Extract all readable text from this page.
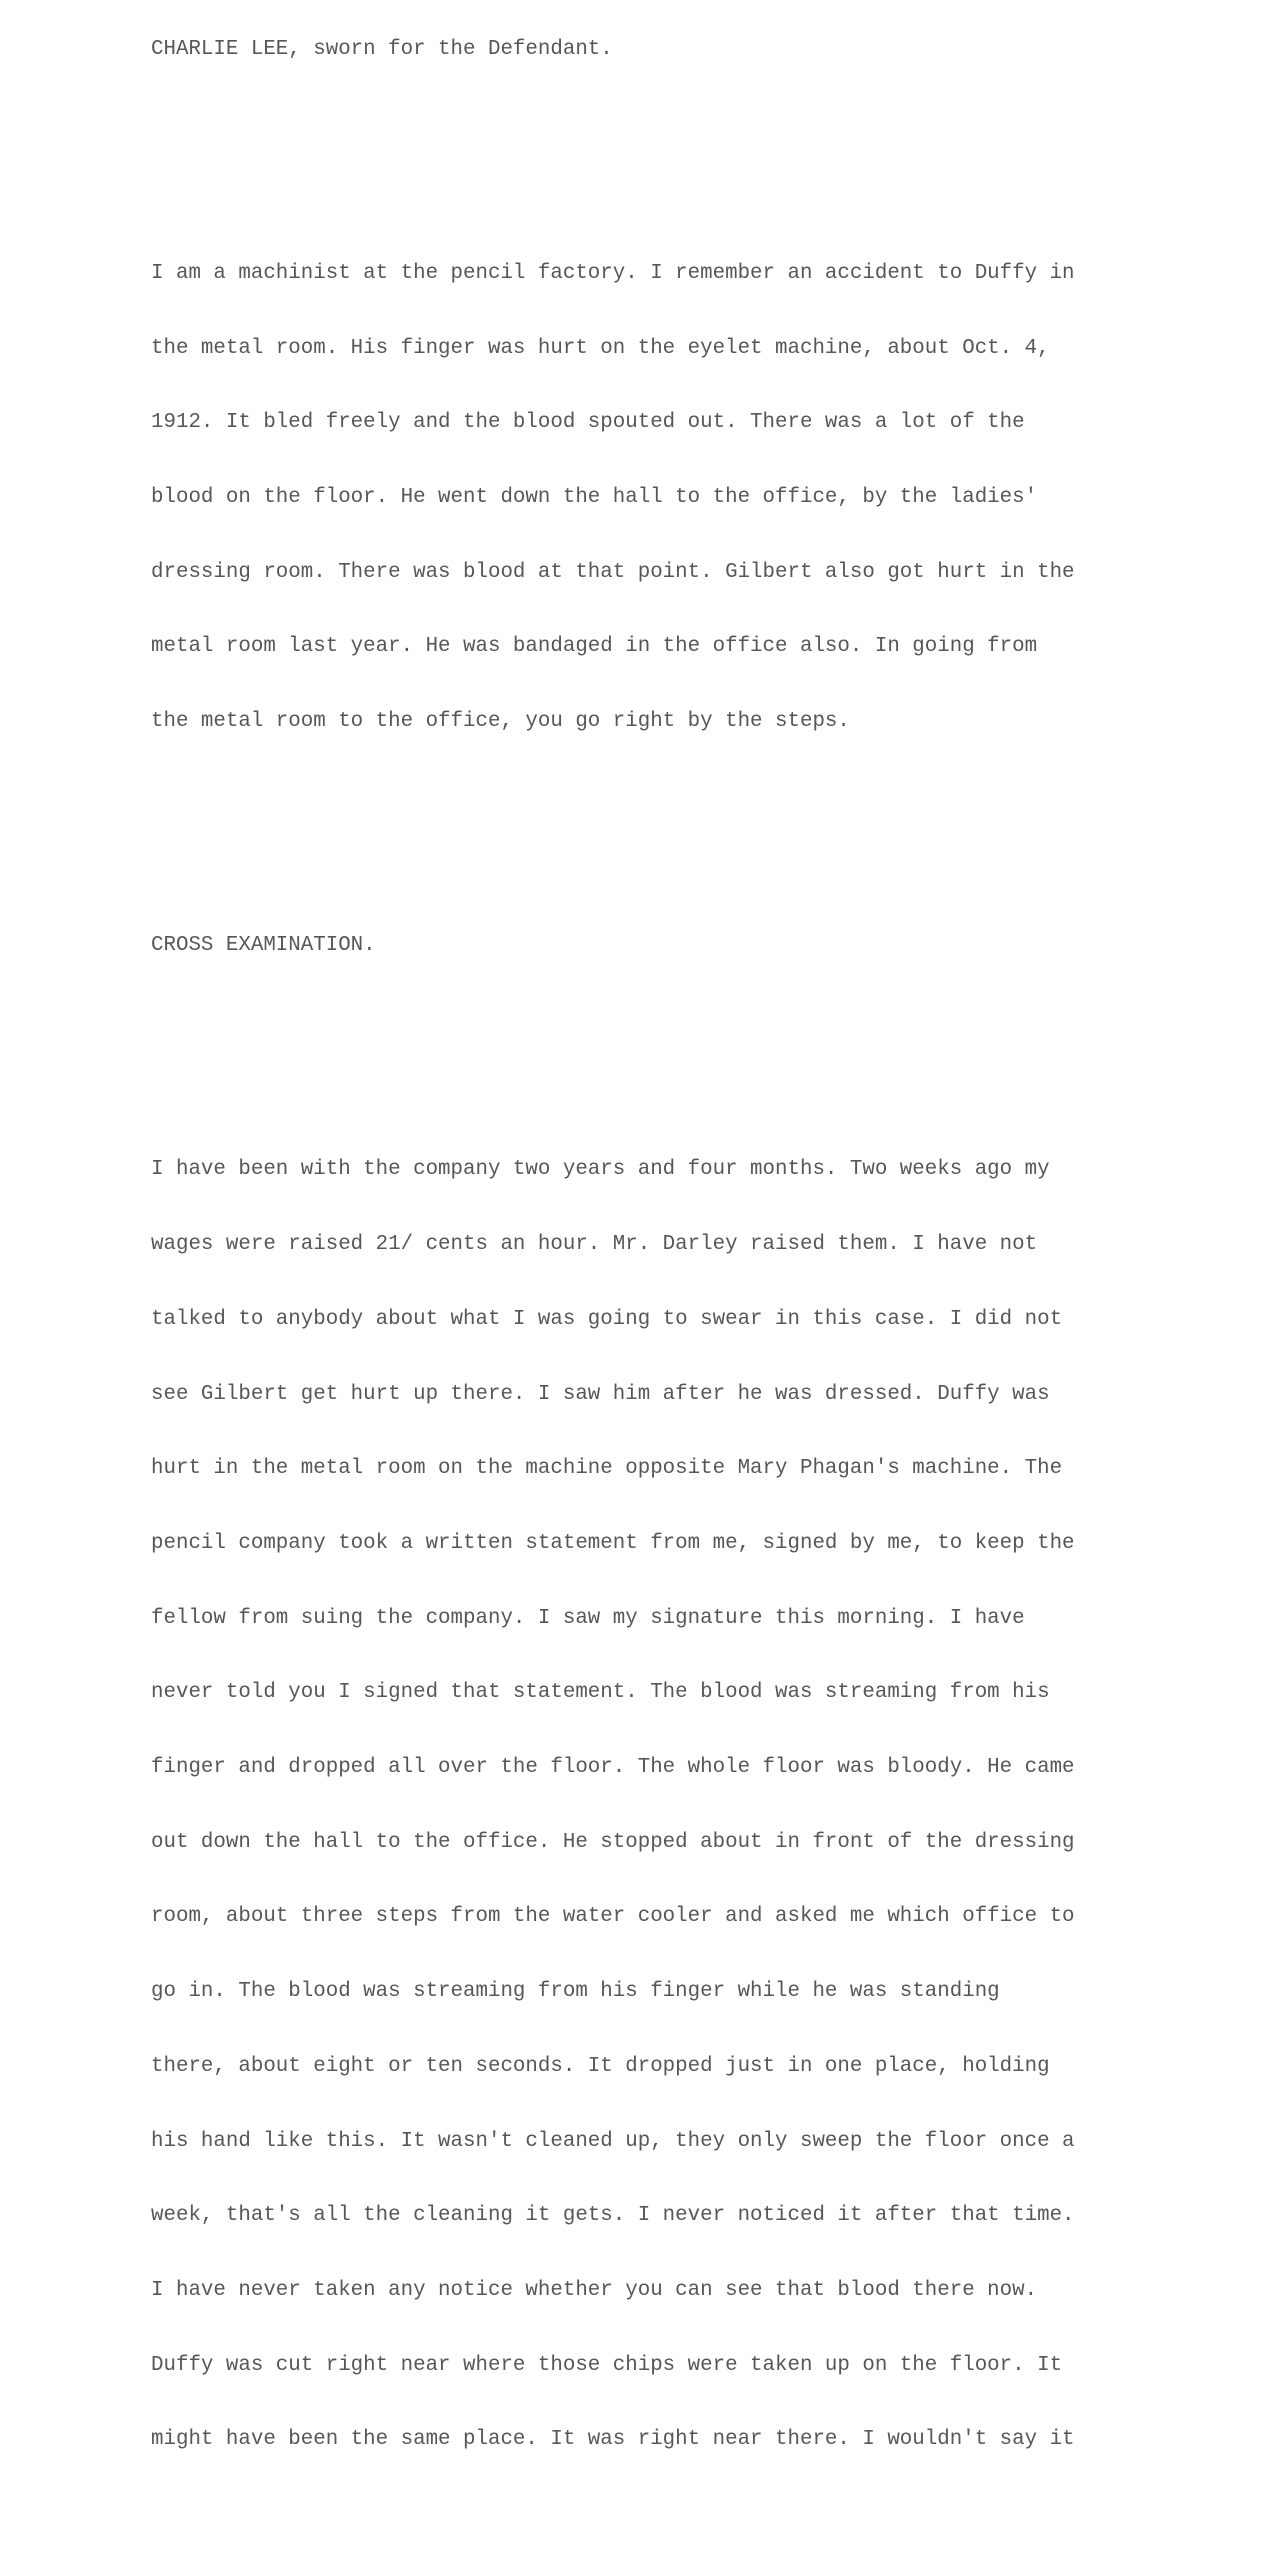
CHARLIE LEE, sworn for the Defendant.

I am a machinist at the pencil factory. I remember an accident to Duffy in

the metal room. His finger was hurt on the eyelet machine, about Oct. 4,

1912. It bled freely and the blood spouted out. There was a lot of the

blood on the floor. He went down the hall to the office, by the ladies'

dressing room. There was blood at that point. Gilbert also got hurt in the

metal room last year. He was bandaged in the office also. In going from

the metal room to the office, you go right by the steps.

CROSS EXAMINATION.

I have been with the company two years and four months. Two weeks ago my

wages were raised 21/ cents an hour. Mr. Darley raised them. I have not

talked to anybody about what I was going to swear in this case. I did not

see Gilbert get hurt up there. I saw him after he was dressed. Duffy was

hurt in the metal room on the machine opposite Mary Phagan's machine. The

pencil company took a written statement from me, signed by me, to keep the

fellow from suing the company. I saw my signature this morning. I have

never told you I signed that statement. The blood was streaming from his

finger and dropped all over the floor. The whole floor was bloody. He came

out down the hall to the office. He stopped about in front of the dressing

room, about three steps from the water cooler and asked me which office to

go in. The blood was streaming from his finger while he was standing

there, about eight or ten seconds. It dropped just in one place, holding

his hand like this. It wasn't cleaned up, they only sweep the floor once a

week, that's all the cleaning it gets. I never noticed it after that time.

I have never taken any notice whether you can see that blood there now.

Duffy was cut right near where those chips were taken up on the floor. It

might have been the same place. It was right near there. I wouldn't say it
